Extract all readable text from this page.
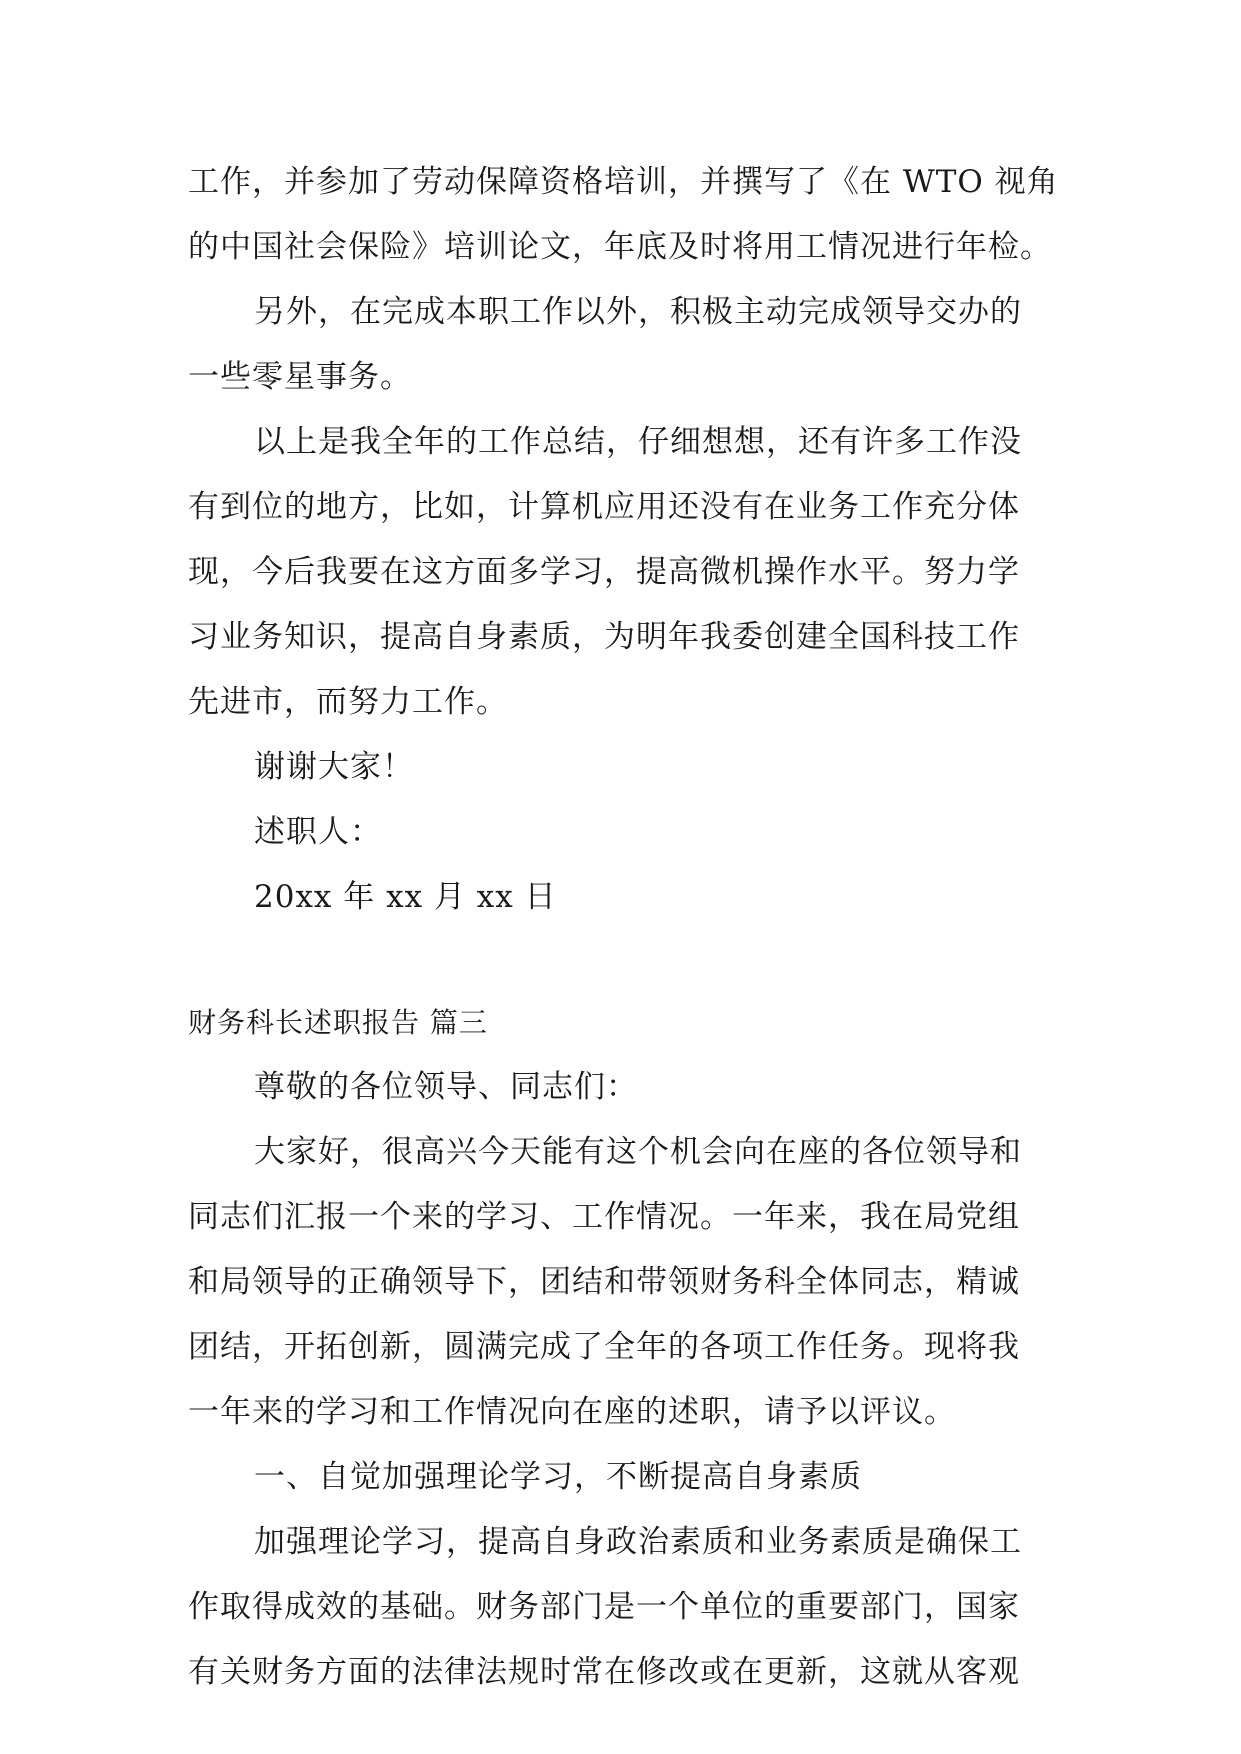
工作，并参加了劳动保障资格培训，并撰写了《在 WTO 视角
的中国社会保险》培训论文，年底及时将用工情况进行年检。
另外，在完成本职工作以外，积极主动完成领导交办的
一些零星事务。
以上是我全年的工作总结，仔细想想，还有许多工作没
有到位的地方，比如，计算机应用还没有在业务工作充分体
现，今后我要在这方面多学习，提高微机操作水平。努力学
习业务知识，提高自身素质，为明年我委创建全国科技工作
先进市，而努力工作。
谢谢大家！
述职人：
20xx 年 xx 月 xx 日
财务科长述职报告 篇三
尊敬的各位领导、同志们：
大家好，很高兴今天能有这个机会向在座的各位领导和
同志们汇报一个来的学习、工作情况。一年来，我在局党组
和局领导的正确领导下，团结和带领财务科全体同志，精诚
团结，开拓创新，圆满完成了全年的各项工作任务。现将我
一年来的学习和工作情况向在座的述职，请予以评议。
一、自觉加强理论学习，不断提高自身素质
加强理论学习，提高自身政治素质和业务素质是确保工
作取得成效的基础。财务部门是一个单位的重要部门，国家
有关财务方面的法律法规时常在修改或在更新，这就从客观
